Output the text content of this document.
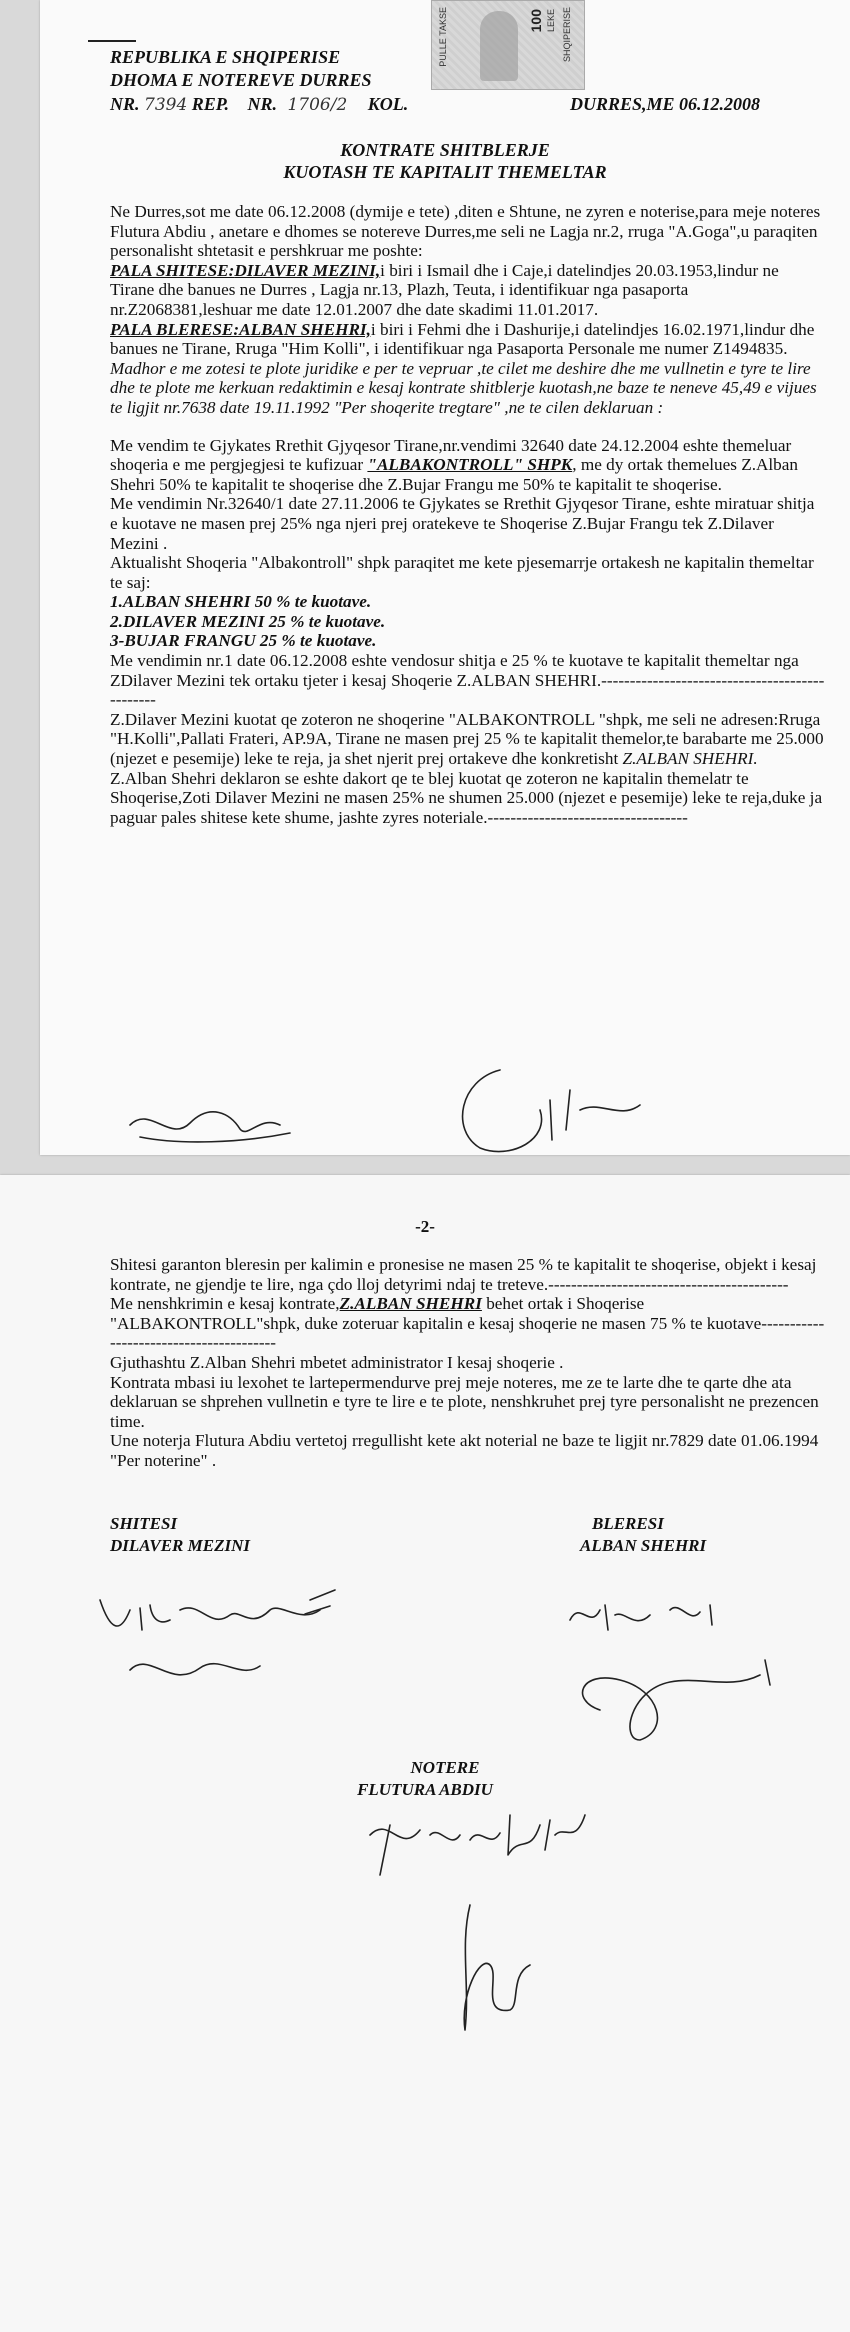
REPUBLIKA E SHQIPERISE
DHOMA E NOTEREVE DURRES
NR. 7394 REP. NR. 1706/2 KOL.	DURRES,ME 06.12.2008
PULLE TAKSE	100 LEKE SHQIPERISE
KONTRATE SHITBLERJE
KUOTASH TE KAPITALIT THEMELTAR

Ne Durres,sot me date 06.12.2008 (dymije e tete) ,diten e Shtune, ne zyren e noterise,para meje noteres Flutura Abdiu , anetare e dhomes se notereve Durres,me seli ne Lagja nr.2, rruga "A.Goga",u paraqiten personalisht shtetasit e pershkruar me poshte:

PALA SHITESE:DILAVER MEZINI,i biri i Ismail dhe i Caje,i datelindjes 20.03.1953,lindur ne Tirane dhe banues ne Durres , Lagja nr.13, Plazh, Teuta, i identifikuar nga pasaporta nr.Z2068381,leshuar me date 12.01.2007 dhe date skadimi 11.01.2017.

PALA BLERESE:ALBAN SHEHRI,i biri i Fehmi dhe i Dashurije,i datelindjes 16.02.1971,lindur dhe banues ne Tirane, Rruga "Him Kolli", i identifikuar nga Pasaporta Personale me numer Z1494835.

Madhor e me zotesi te plote juridike e per te vepruar ,te cilet me deshire dhe me vullnetin e tyre te lire dhe te plote me kerkuan redaktimin e kesaj kontrate shitblerje kuotash,ne baze te neneve 45,49 e vijues te ligjit nr.7638 date 19.11.1992 "Per shoqerite tregtare" ,ne te cilen deklaruan :

Me vendim te Gjykates Rrethit Gjyqesor Tirane,nr.vendimi 32640 date 24.12.2004 eshte themeluar shoqeria e me pergjegjesi te kufizuar "ALBAKONTROLL" SHPK, me dy ortak themelues Z.Alban Shehri 50% te kapitalit te shoqerise dhe Z.Bujar Frangu me 50% te kapitalit te shoqerise.

Me vendimin Nr.32640/1 date 27.11.2006 te Gjykates se Rrethit Gjyqesor Tirane, eshte miratuar shitja e kuotave ne masen prej 25% nga njeri prej oratekeve te Shoqerise Z.Bujar Frangu tek Z.Dilaver Mezini .

Aktualisht Shoqeria "Albakontroll" shpk paraqitet me kete pjesemarrje ortakesh ne kapitalin themeltar te saj:

1.ALBAN SHEHRI 50 % te kuotave.

2.DILAVER MEZINI 25 % te kuotave.

3-BUJAR FRANGU 25 % te kuotave.

Me vendimin nr.1 date 06.12.2008 eshte vendosur shitja e 25 % te kuotave te kapitalit themeltar nga ZDilaver Mezini tek ortaku tjeter i kesaj Shoqerie Z.ALBAN SHEHRI.-----------------------------------------------

Z.Dilaver Mezini kuotat qe zoteron ne shoqerine "ALBAKONTROLL "shpk, me seli ne adresen:Rruga "H.Kolli",Pallati Frateri, AP.9A, Tirane ne masen prej 25 % te kapitalit themelor,te barabarte me 25.000 (njezet e pesemije) leke te reja, ja shet njerit prej ortakeve dhe konkretisht Z.ALBAN SHEHRI.

Z.Alban Shehri deklaron se eshte dakort qe te blej kuotat qe zoteron ne kapitalin themelatr te Shoqerise,Zoti Dilaver Mezini ne masen 25% ne shumen 25.000 (njezet e pesemije) leke te reja,duke ja paguar pales shitese kete shume, jashte zyres noteriale.-----------------------------------

-2-

Shitesi garanton bleresin per kalimin e pronesise ne masen 25 % te kapitalit te shoqerise, objekt i kesaj kontrate, ne gjendje te lire, nga çdo lloj detyrimi ndaj te treteve.------------------------------------------

Me nenshkrimin e kesaj kontrate,Z.ALBAN SHEHRI behet ortak i Shoqerise "ALBAKONTROLL"shpk, duke zoteruar kapitalin e kesaj shoqerie ne masen 75 % te kuotave----------------------------------------

Gjuthashtu Z.Alban Shehri mbetet administrator I kesaj shoqerie .

Kontrata mbasi iu lexohet te lartepermendurve prej meje noteres, me ze te larte dhe te qarte dhe ata deklaruan se shprehen vullnetin e tyre te lire e te plote, nenshkruhet prej tyre personalisht ne prezencen time.

Une noterja Flutura Abdiu vertetoj rregullisht kete akt noterial ne baze te ligjit nr.7829 date 01.06.1994 "Per noterine" .

SHITESI
DILAVER MEZINI
BLERESI
ALBAN SHEHRI
NOTERE
FLUTURA ABDIU
